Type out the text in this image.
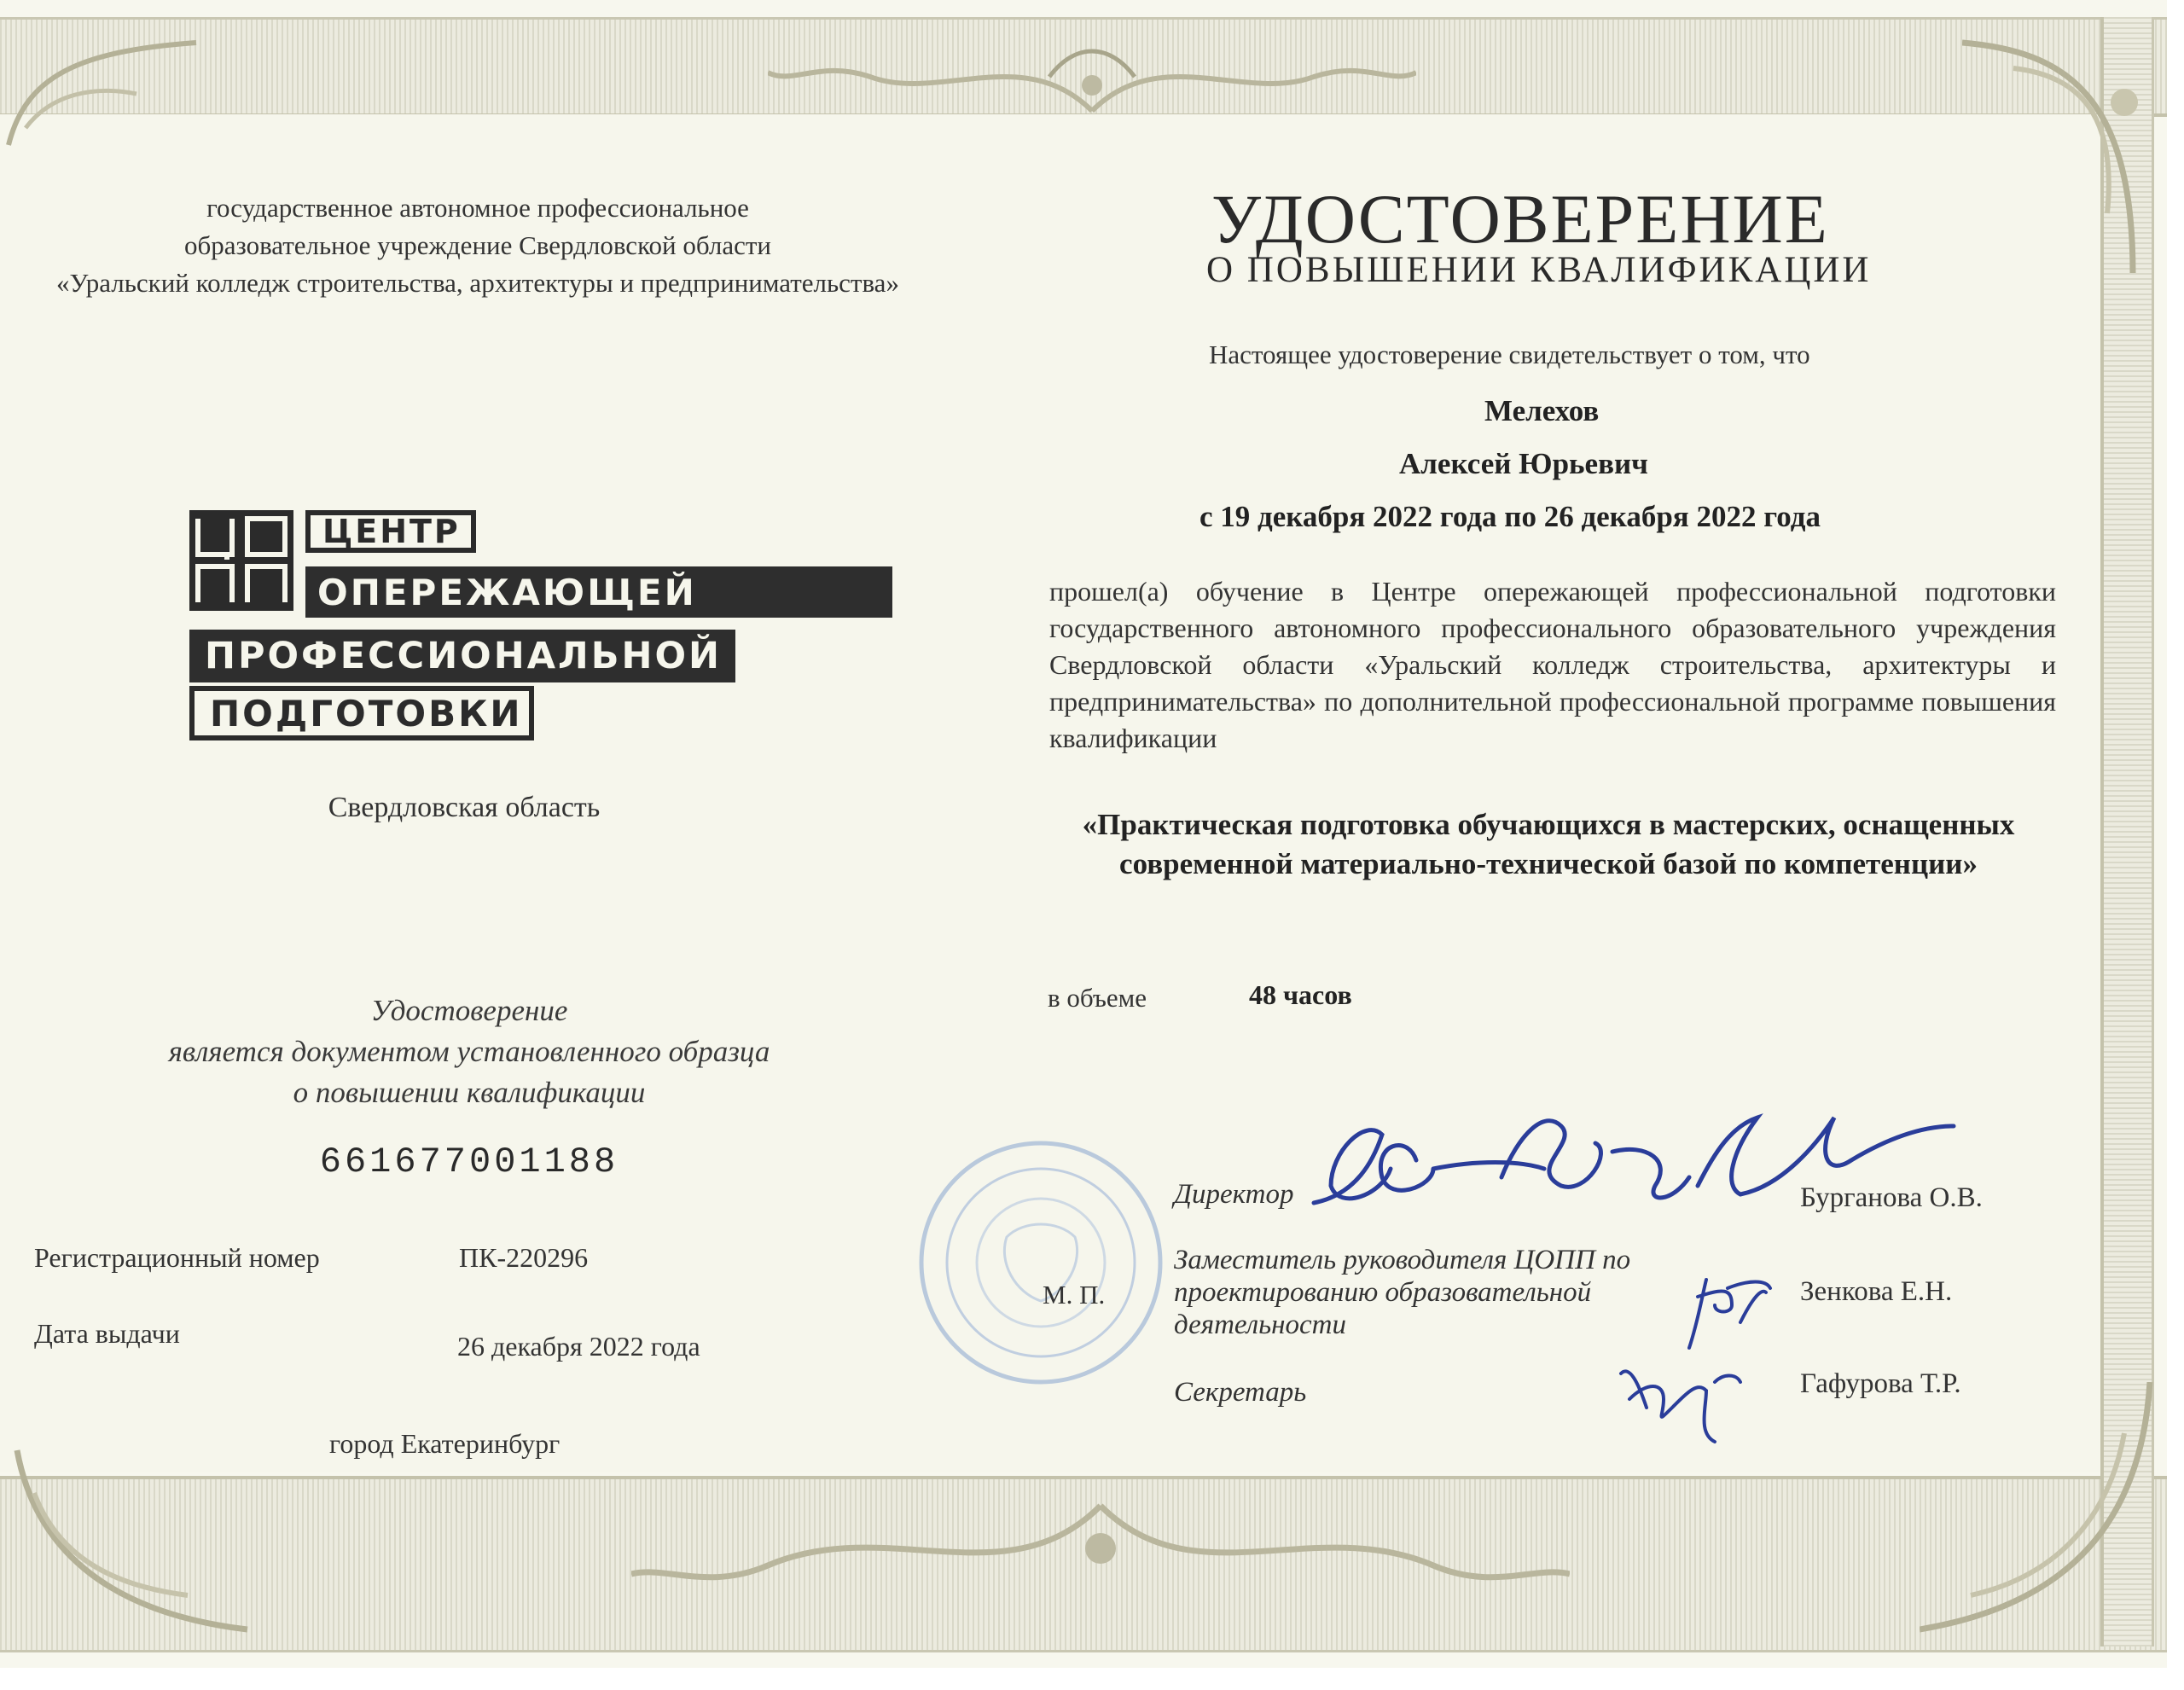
государственное автономное профессиональное
образовательное учреждение Свердловской области
«Уральский колледж строительства, архитектуры и предпринимательства»
ЦЕНТР
ОПЕРЕЖАЮЩЕЙ
ПРОФЕССИОНАЛЬНОЙ
ПОДГОТОВКИ
Свердловская область
Удостоверение
является документом установленного образца
о повышении квалификации
661677001188
Регистрационный номер	ПК-220296
Дата выдачи	26 декабря 2022 года
город Екатеринбург
УДОСТОВЕРЕНИЕ
О ПОВЫШЕНИИ КВАЛИФИКАЦИИ
Настоящее удостоверение свидетельствует о том, что
Мелехов
Алексей Юрьевич
с 19 декабря 2022 года по 26 декабря 2022 года
прошел(а) обучение в Центре опережающей профессиональной подготовки государственного автономного профессионального образовательного учреждения Свердловской области «Уральский колледж строительства, архитектуры и предпринимательства» по дополнительной профессиональной программе повышения квалификации
«Практическая подготовка обучающихся в мастерских, оснащенных современной материально-технической базой по компетенции»
в объеме	48 часов
М. П.
Директор	Бурганова О.В.
Заместитель руководителя ЦОПП по проектированию образовательной деятельности
Зенкова Е.Н.
Секретарь	Гафурова Т.Р.
